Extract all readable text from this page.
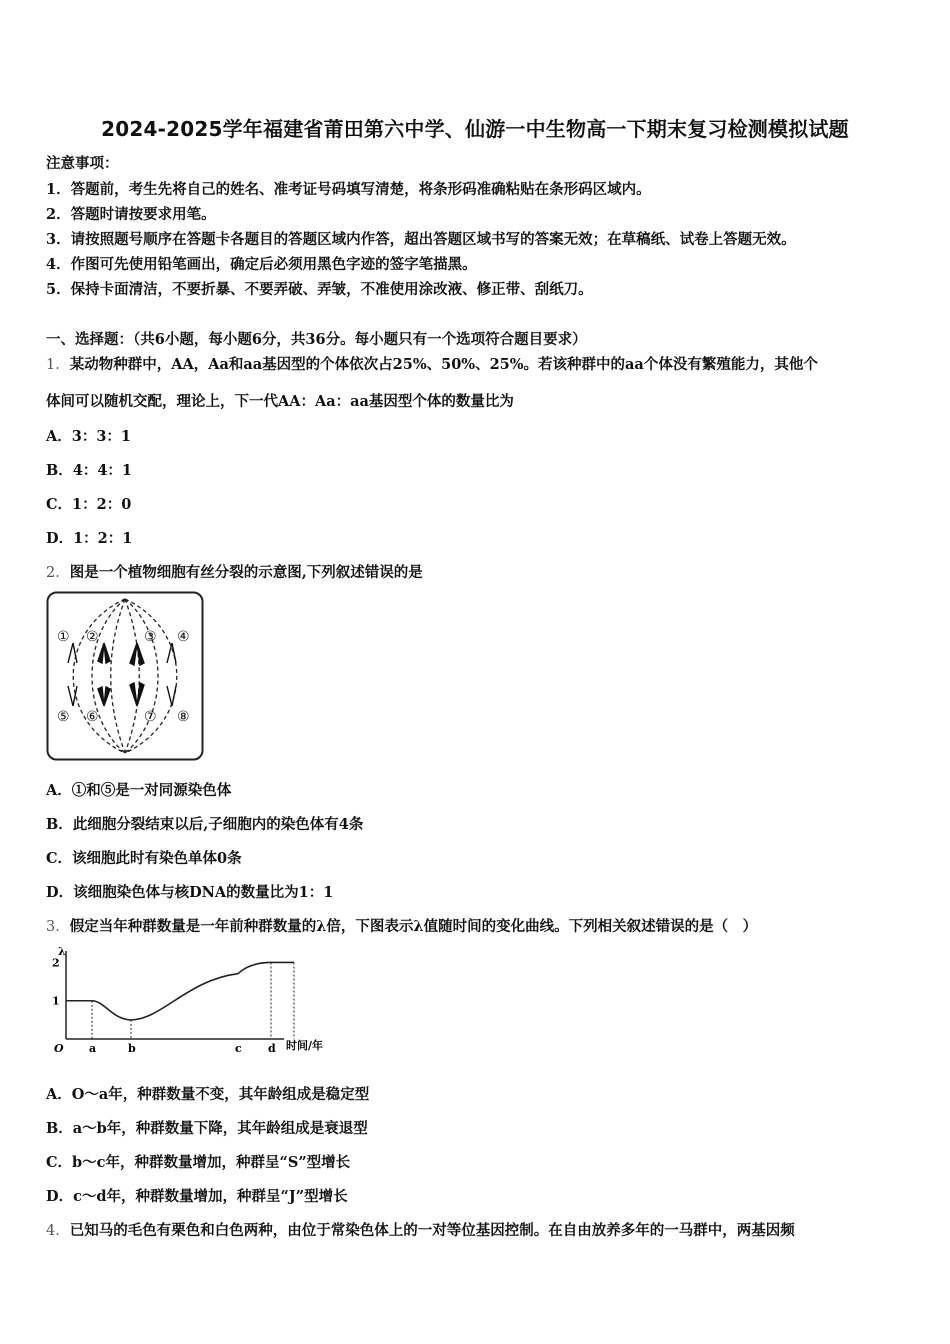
2024-2025学年福建省莆田第六中学、仙游一中生物高一下期末复习检测模拟试题
注意事项：
1．答题前，考生先将自己的姓名、准考证号码填写清楚，将条形码准确粘贴在条形码区域内。
2．答题时请按要求用笔。
3．请按照题号顺序在答题卡各题目的答题区域内作答，超出答题区域书写的答案无效；在草稿纸、试卷上答题无效。
4．作图可先使用铅笔画出，确定后必须用黑色字迹的签字笔描黑。
5．保持卡面清洁，不要折暴、不要弄破、弄皱，不准使用涂改液、修正带、刮纸刀。
一、选择题：（共6小题，每小题6分，共36分。每小题只有一个选项符合题目要求）
1．某动物种群中，AA，Aa和aa基因型的个体依次占25%、50%、25%。若该种群中的aa个体没有繁殖能力，其他个
体间可以随机交配，理论上，下一代AA：Aa：aa基因型个体的数量比为
A．3：3：1
B．4：4：1
C．1：2：0
D．1：2：1
2．图是一个植物细胞有丝分裂的示意图,下列叙述错误的是
① ②	③ ④
⑤ ⑥	⑦ ⑧
A．①和⑤是一对同源染色体
B．此细胞分裂结束以后,子细胞内的染色体有4条
C．该细胞此时有染色单体0条
D．该细胞染色体与核DNA的数量比为1：1
3．假定当年种群数量是一年前种群数量的λ倍，下图表示λ值随时间的变化曲线。下列相关叙述错误的是（　）
λ
时间/年
1
2
O a	b	c d
A．O～a年，种群数量不变，其年龄组成是稳定型
B．a～b年，种群数量下降，其年龄组成是衰退型
C．b～c年，种群数量增加，种群呈“S”型增长
D．c～d年，种群数量增加，种群呈“J”型增长
4．已知马的毛色有栗色和白色两种，由位于常染色体上的一对等位基因控制。在自由放养多年的一马群中，两基因频
